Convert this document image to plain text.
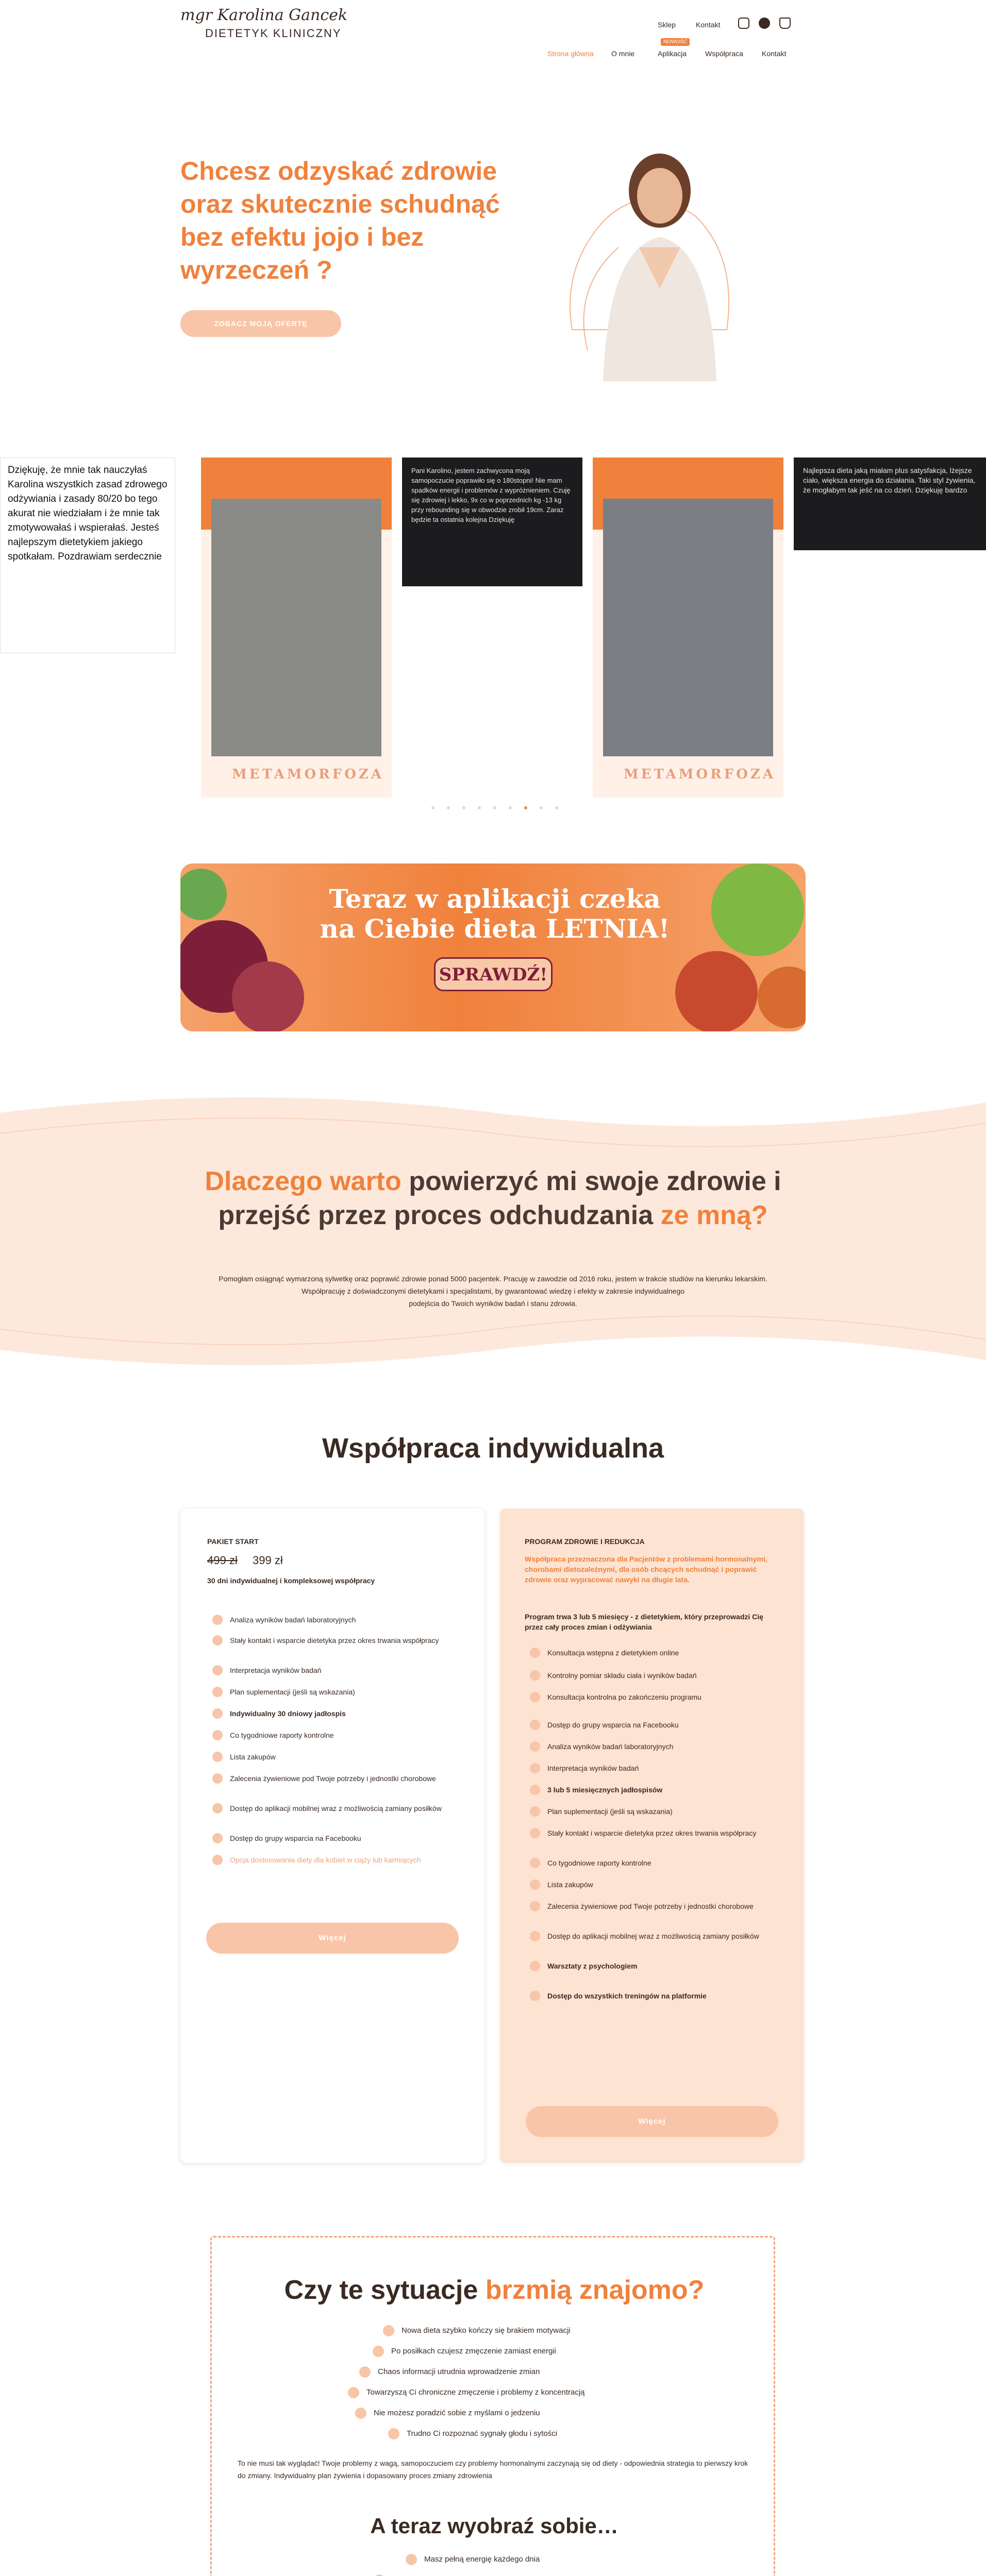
mgr Karolina Gancek
DIETETYK KLINICZNY
Sklep	Kontakt
Strona główna O mnie
NOWOŚĆ
Aplikacja	Współpraca	Kontakt
Chcesz odzyskać zdrowie oraz skutecznie schudnąć bez efektu jojo i bez wyrzeczeń ?
ZOBACZ MOJĄ OFERTĘ
Dziękuję, że mnie tak nauczyłaś Karolina wszystkich zasad zdrowego odżywiania i zasady 80/20 bo tego akurat nie wiedziałam i że mnie tak zmotywowałaś i wspierałaś. Jesteś najlepszym dietetykiem jakiego spotkałam. Pozdrawiam serdecznie
METAMORFOZA
Pani Karolino, jestem zachwycona moją samopoczucie poprawiło się o 180stopni! Nie mam spadków energii i problemów z wypróżnieniem. Czuję się zdrowiej i lekko, 9x co w poprzednich kg -13 kg przy rebounding się w obwodzie zrobił 19cm. Zaraz będzie ta ostatnia kolejna Dziękuję
METAMORFOZA
Najlepsza dieta jaką miałam plus satysfakcja, lżejsze ciało, większa energia do działania. Taki styl żywienia, że mogłabym tak jeść na co dzień. Dziękuję bardzo
Teraz w aplikacji czeka
na Ciebie dieta LETNIA!
SPRAWDŹ!
Dlaczego warto powierzyć mi swoje zdrowie i
przejść przez proces odchudzania ze mną?
Pomogłam osiągnąć wymarzoną sylwetkę oraz poprawić zdrowie ponad 5000 pacjentek. Pracuję w zawodzie od 2016 roku, jestem w trakcie studiów na kierunku lekarskim. Współpracuję z doświadczonymi dietetykami i specjalistami, by gwarantować wiedzę i efekty w zakresie indywidualnego
podejścia do Twoich wyników badań i stanu zdrowia.
Współpraca indywidualna
PAKIET START
499 zł 399 zł
30 dni indywidualnej i kompleksowej współpracy
Analiza wyników badań laboratoryjnych
Stały kontakt i wsparcie dietetyka przez okres trwania współpracy
Interpretacja wyników badań
Plan suplementacji (jeśli są wskazania)
Indywidualny 30 dniowy jadłospis
Co tygodniowe raporty kontrolne
Lista zakupów
Zalecenia żywieniowe pod Twoje potrzeby i jednostki chorobowe
Dostęp do aplikacji mobilnej wraz z możliwością zamiany posiłków
Dostęp do grupy wsparcia na Facebooku
Opcja dostosowania diety dla kobiet w ciąży lub karmiących
Więcej
PROGRAM ZDROWIE I REDUKCJA
Współpraca przeznaczona dla Pacjentów z problemami hormonalnymi, chorobami dietozależnymi, dla osób chcących schudnąć i poprawić zdrowie oraz wypracować nawyki na długie lata.
Program trwa 3 lub 5 miesięcy - z dietetykiem, który przeprowadzi Cię przez cały proces zmian i odżywiania
Konsultacja wstępna z dietetykiem online
Kontrolny pomiar składu ciała i wyników badań
Konsultacja kontrolna po zakończeniu programu
Dostęp do grupy wsparcia na Facebooku
Analiza wyników badań laboratoryjnych
Interpretacja wyników badań
3 lub 5 miesięcznych jadłospisów
Plan suplementacji (jeśli są wskazania)
Stały kontakt i wsparcie dietetyka przez okres trwania współpracy
Co tygodniowe raporty kontrolne
Lista zakupów
Zalecenia żywieniowe pod Twoje potrzeby i jednostki chorobowe
Dostęp do aplikacji mobilnej wraz z możliwością zamiany posiłków
Warsztaty z psychologiem
Dostęp do wszystkich treningów na platformie
Więcej
Czy te sytuacje brzmią znajomo?
Nowa dieta szybko kończy się brakiem motywacji
Po posiłkach czujesz zmęczenie zamiast energii
Chaos informacji utrudnia wprowadzenie zmian
Towarzyszą Ci chroniczne zmęczenie i problemy z koncentracją
Nie możesz poradzić sobie z myślami o jedzeniu
Trudno Ci rozpoznać sygnały głodu i sytości
To nie musi tak wyglądać! Twoje problemy z wagą, samopoczuciem czy problemy hormonalnymi zaczynają się od diety - odpowiednia strategia to pierwszy krok do zmiany. Indywidualny plan żywienia i dopasowany proces zmiany zdrowienia
A teraz wyobraź sobie…
Masz pełną energię każdego dnia
